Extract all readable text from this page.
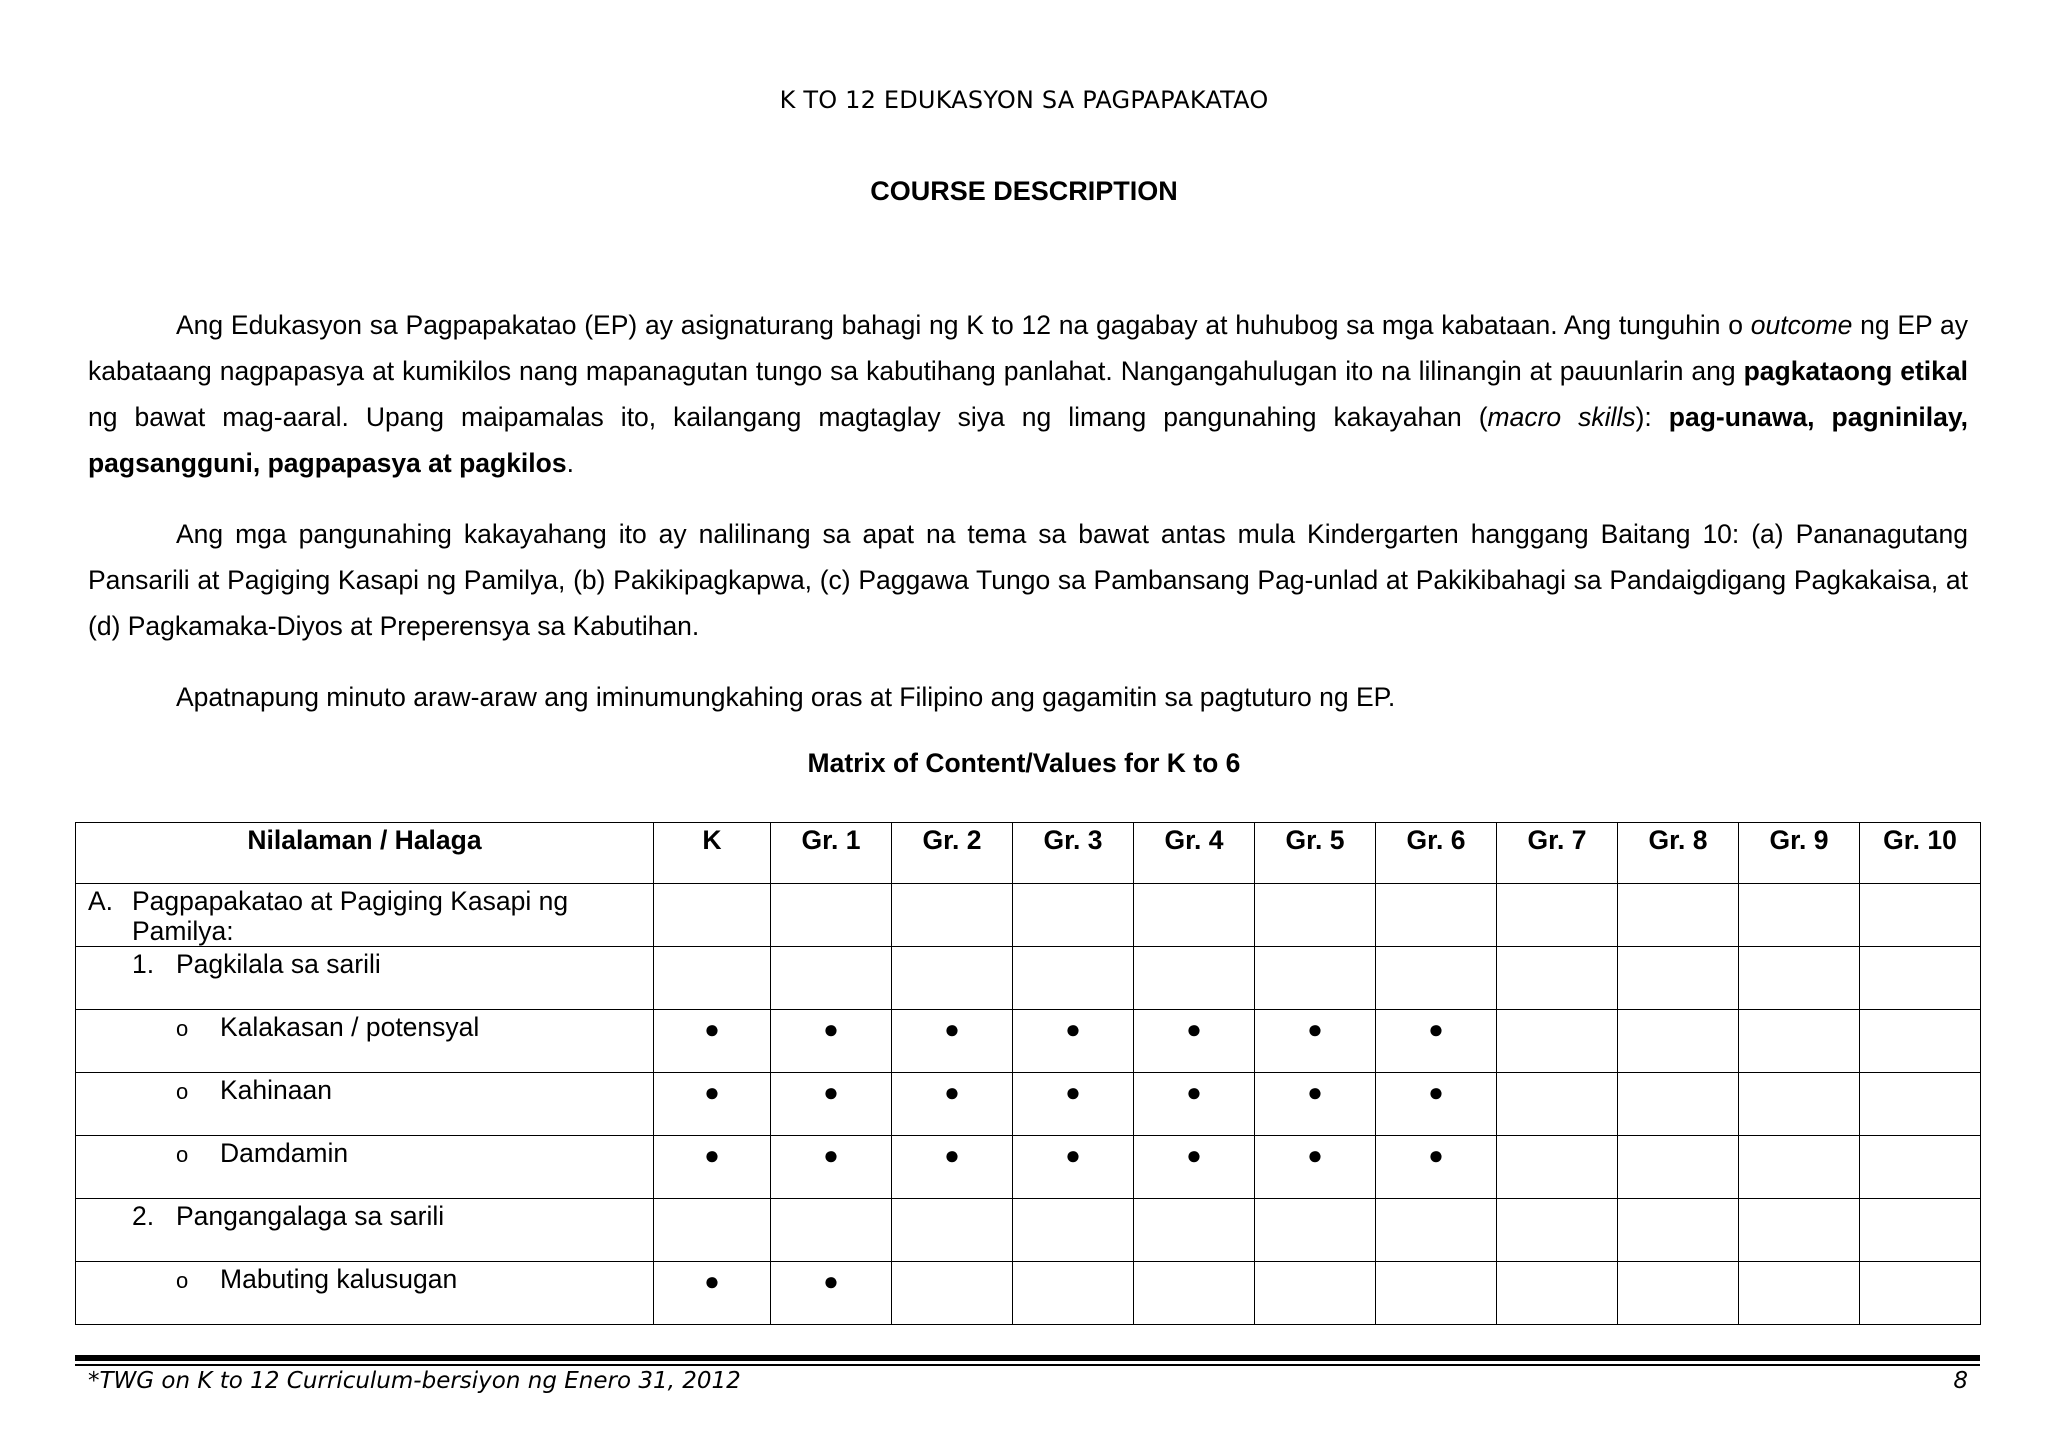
K TO 12 EDUKASYON SA PAGPAPAKATAO
COURSE DESCRIPTION

Ang Edukasyon sa Pagpapakatao (EP) ay asignaturang bahagi ng K to 12 na gagabay at huhubog sa mga kabataan. Ang tunguhin o outcome ng EP ay kabataang nagpapasya at kumikilos nang mapanagutan tungo sa kabutihang panlahat. Nangangahulugan ito na lilinangin at pauunlarin ang pagkataong etikal ng bawat mag-aaral. Upang maipamalas ito, kailangang magtaglay siya ng limang pangunahing kakayahan (macro skills): pag-unawa, pagninilay, pagsangguni, pagpapasya at pagkilos.

Ang mga pangunahing kakayahang ito ay nalilinang sa apat na tema sa bawat antas mula Kindergarten hanggang Baitang 10: (a) Pananagutang Pansarili at Pagiging Kasapi ng Pamilya, (b) Pakikipagkapwa, (c) Paggawa Tungo sa Pambansang Pag-unlad at Pakikibahagi sa Pandaigdigang Pagkakaisa, at (d) Pagkamaka-Diyos at Preperensya sa Kabutihan.

Apatnapung minuto araw-araw ang iminumungkahing oras at Filipino ang gagamitin sa pagtuturo ng EP.

Matrix of Content/Values for K to 6
Nilalaman / Halaga	K	Gr. 1	Gr. 2	Gr. 3	Gr. 4	Gr. 5	Gr. 6	Gr. 7	Gr. 8	Gr. 9	Gr. 10
A. Pagpapakatao at Pagiging Kasapi ng
Pamilya:											

1. Pagkilala sa sarili											
o Kalakasan / potensyal	●	●	●	●	●	●	●				
o Kahinaan	●	●	●	●	●	●	●				
o Damdamin	●	●	●	●	●	●	●				
2. Pangangalaga sa sarili											
o Mabuting kalusugan	●	●									
*TWG on K to 12 Curriculum-bersiyon ng Enero 31, 2012	8
